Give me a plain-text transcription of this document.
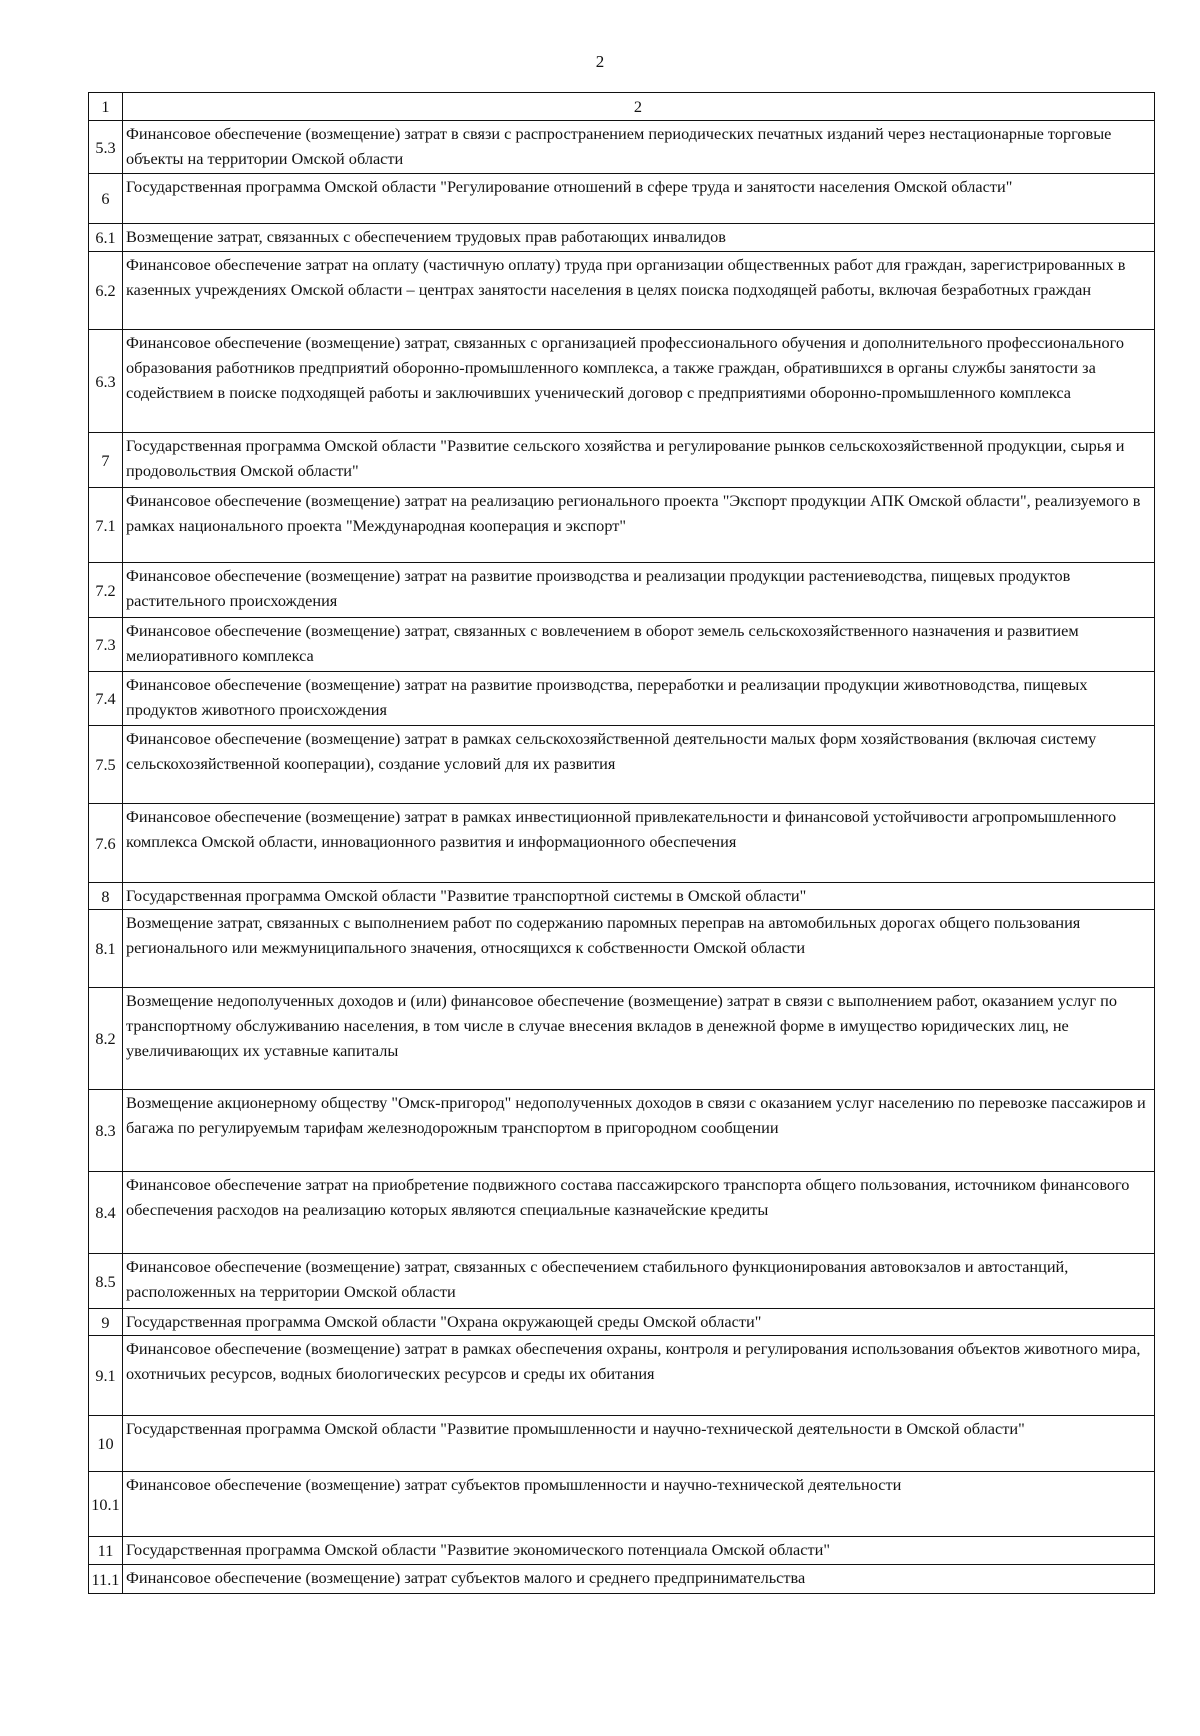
2
1	2
5.3	Финансовое обеспечение (возмещение) затрат в связи с распространением периодических печатных изданий через нестационарные торговые объекты на территории Омской области
6	Государственная программа Омской области "Регулирование отношений в сфере труда и занятости населения Омской области"
6.1	Возмещение затрат, связанных с обеспечением трудовых прав работающих инвалидов
6.2	Финансовое обеспечение затрат на оплату (частичную оплату) труда при организации общественных работ для граждан, зарегистрированных в казенных учреждениях Омской области – центрах занятости населения в целях поиска подходящей работы, включая безработных граждан
6.3	Финансовое обеспечение (возмещение) затрат, связанных с организацией профессионального обучения и дополнительного профессионального образования работников предприятий оборонно-промышленного комплекса, а также граждан, обратившихся в органы службы занятости за содействием в поиске подходящей работы и заключивших ученический договор с предприятиями оборонно-промышленного комплекса
7	Государственная программа Омской области "Развитие сельского хозяйства и регулирование рынков сельскохозяйственной продукции, сырья и продовольствия Омской области"
7.1	Финансовое обеспечение (возмещение) затрат на реализацию регионального проекта "Экспорт продукции АПК Омской области", реализуемого в рамках национального проекта "Международная кооперация и экспорт"
7.2	Финансовое обеспечение (возмещение) затрат на развитие производства и реализации продукции растениеводства, пищевых продуктов растительного происхождения
7.3	Финансовое обеспечение (возмещение) затрат, связанных с вовлечением в оборот земель сельскохозяйственного назначения и развитием мелиоративного комплекса
7.4	Финансовое обеспечение (возмещение) затрат на развитие производства, переработки и реализации продукции животноводства, пищевых продуктов животного происхождения
7.5	Финансовое обеспечение (возмещение) затрат в рамках сельскохозяйственной деятельности малых форм хозяйствования (включая систему сельскохозяйственной кооперации), создание условий для их развития
7.6	Финансовое обеспечение (возмещение) затрат в рамках инвестиционной привлекательности и финансовой устойчивости агропромышленного комплекса Омской области, инновационного развития и информационного обеспечения
8	Государственная программа Омской области "Развитие транспортной системы в Омской области"
8.1	Возмещение затрат, связанных с выполнением работ по содержанию паромных переправ на автомобильных дорогах общего пользования регионального или межмуниципального значения, относящихся к собственности Омской области
8.2	Возмещение недополученных доходов и (или) финансовое обеспечение (возмещение) затрат в связи с выполнением работ, оказанием услуг по транспортному обслуживанию населения, в том числе в случае внесения вкладов в денежной форме в имущество юридических лиц, не увеличивающих их уставные капиталы
8.3	Возмещение акционерному обществу "Омск-пригород" недополученных доходов в связи с оказанием услуг населению по перевозке пассажиров и багажа по регулируемым тарифам железнодорожным транспортом в пригородном сообщении
8.4	Финансовое обеспечение затрат на приобретение подвижного состава пассажирского транспорта общего пользования, источником финансового обеспечения расходов на реализацию которых являются специальные казначейские кредиты
8.5	Финансовое обеспечение (возмещение) затрат, связанных с обеспечением стабильного функционирования автовокзалов и автостанций, расположенных на территории Омской области
9	Государственная программа Омской области "Охрана окружающей среды Омской области"
9.1	Финансовое обеспечение (возмещение) затрат в рамках обеспечения охраны, контроля и регулирования использования объектов животного мира, охотничьих ресурсов, водных биологических ресурсов и среды их обитания
10	Государственная программа Омской области "Развитие промышленности и научно-технической деятельности в Омской области"
10.1	Финансовое обеспечение (возмещение) затрат субъектов промышленности и научно-технической деятельности
11	Государственная программа Омской области "Развитие экономического потенциала Омской области"
11.1	Финансовое обеспечение (возмещение) затрат субъектов малого и среднего предпринимательства
